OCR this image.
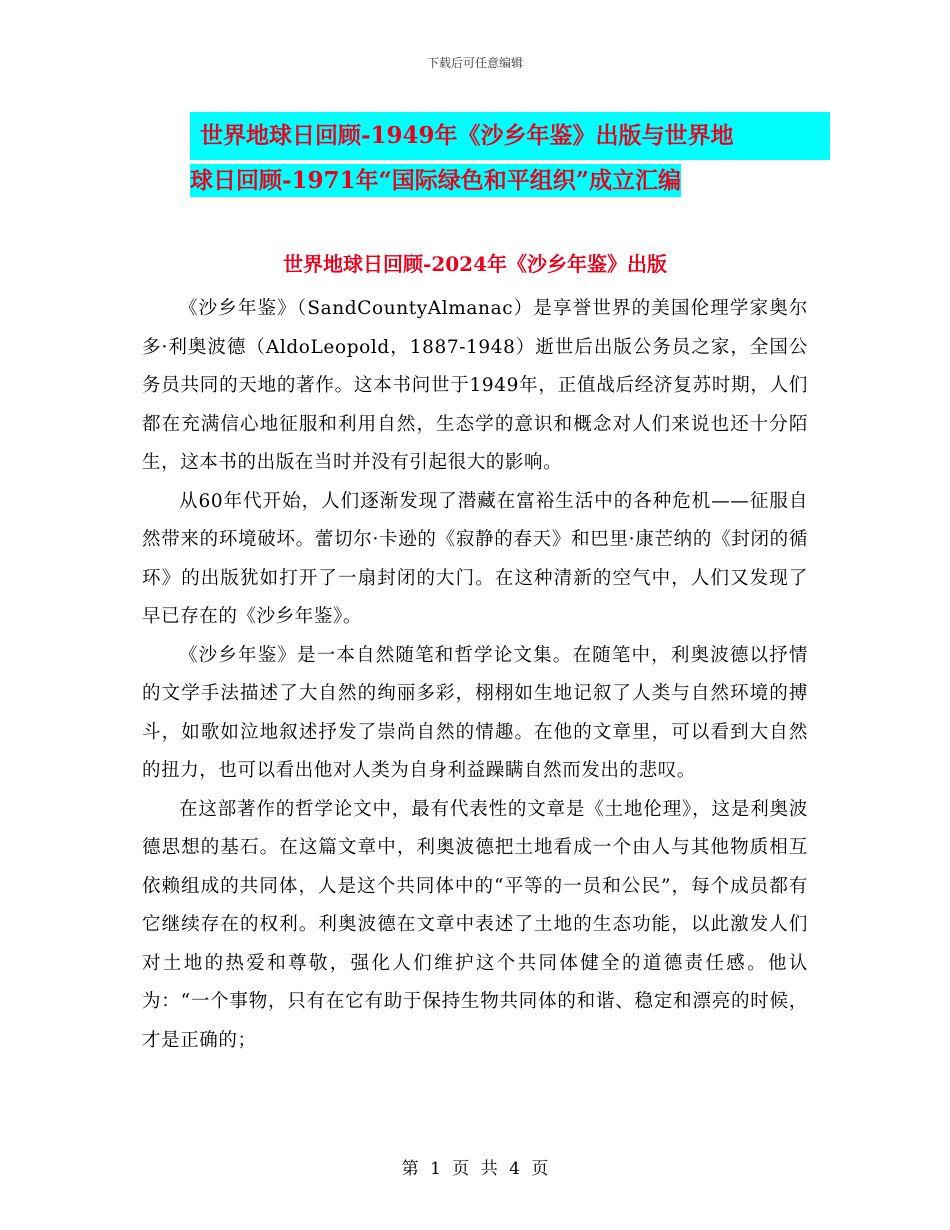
下载后可任意编辑
世界地球日回顾-1949年《沙乡年鉴》出版与世界地
球日回顾-1971年“国际绿色和平组织”成立汇编
世界地球日回顾-2024年《沙乡年鉴》出版

《沙乡年鉴》（SandCountyAlmanac）是享誉世界的美国伦理学家奥尔多·利奥波德（AldoLeopold，1887-1948）逝世后出版公务员之家，全国公务员共同的天地的著作。这本书问世于1949年，正值战后经济复苏时期，人们都在充满信心地征服和利用自然，生态学的意识和概念对人们来说也还十分陌生，这本书的出版在当时并没有引起很大的影响。

从60年代开始，人们逐渐发现了潜藏在富裕生活中的各种危机——征服自然带来的环境破坏。蕾切尔·卡逊的《寂静的春天》和巴里·康芒纳的《封闭的循环》的出版犹如打开了一扇封闭的大门。在这种清新的空气中，人们又发现了早已存在的《沙乡年鉴》。

《沙乡年鉴》是一本自然随笔和哲学论文集。在随笔中，利奥波德以抒情的文学手法描述了大自然的绚丽多彩，栩栩如生地记叙了人类与自然环境的搏斗，如歌如泣地叙述抒发了崇尚自然的情趣。在他的文章里，可以看到大自然的扭力，也可以看出他对人类为自身利益躁瞒自然而发出的悲叹。

在这部著作的哲学论文中，最有代表性的文章是《土地伦理》，这是利奥波德思想的基石。在这篇文章中，利奥波德把土地看成一个由人与其他物质相互依赖组成的共同体，人是这个共同体中的“平等的一员和公民”，每个成员都有它继续存在的权利。利奥波德在文章中表述了土地的生态功能，以此激发人们对土地的热爱和尊敬，强化人们维护这个共同体健全的道德责任感。他认为：“一个事物，只有在它有助于保持生物共同体的和谐、稳定和漂亮的时候，才是正确的；

第 1 页 共 4 页
